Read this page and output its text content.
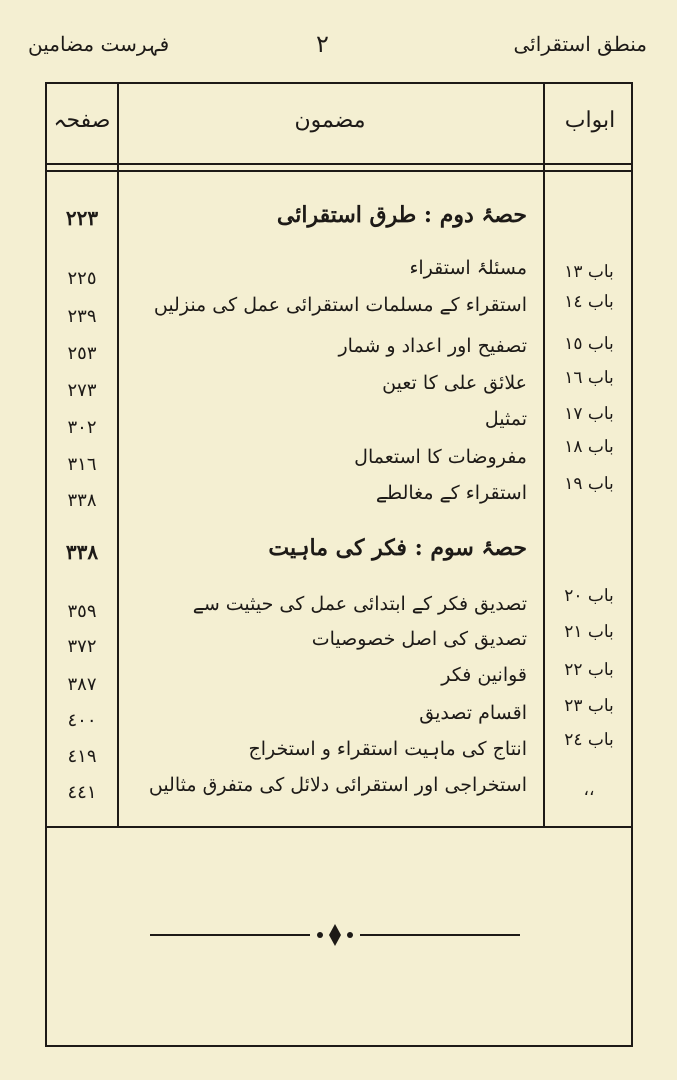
منطق استقرائی
٢
فہرست مضامین
ابواب
مضمون
صفحہ
حصۂ دوم : طرق استقرائی
٢٢٣
باب ١٣
مسئلۂ استقراء
٢٢٥
باب ١٤
استقراء کے مسلمات استقرائی عمل کی منزلیں
٢٣٩
باب ١٥
تصفیح اور اعداد و شمار
٢٥٣
باب ١٦
علائق علی کا تعین
٢٧٣
باب ١٧
تمثیل
٣٠٢
باب ١٨
مفروضات کا استعمال
٣١٦
باب ١٩
استقراء کے مغالطے
٣٣٨
حصۂ سوم : فکر کی ماہیت
٣٣٨
باب ٢٠
تصدیق فکر کے ابتدائی عمل کی حیثیت سے
٣٥٩
باب ٢١
تصدیق کی اصل خصوصیات
٣٧٢
باب ٢٢
قوانین فکر
٣٨٧
باب ٢٣
اقسام تصدیق
٤٠٠
باب ٢٤
انتاج کی ماہیت استقراء و استخراج
٤١٩
،،
استخراجی اور استقرائی دلائل کی متفرق مثالیں
٤٤١
